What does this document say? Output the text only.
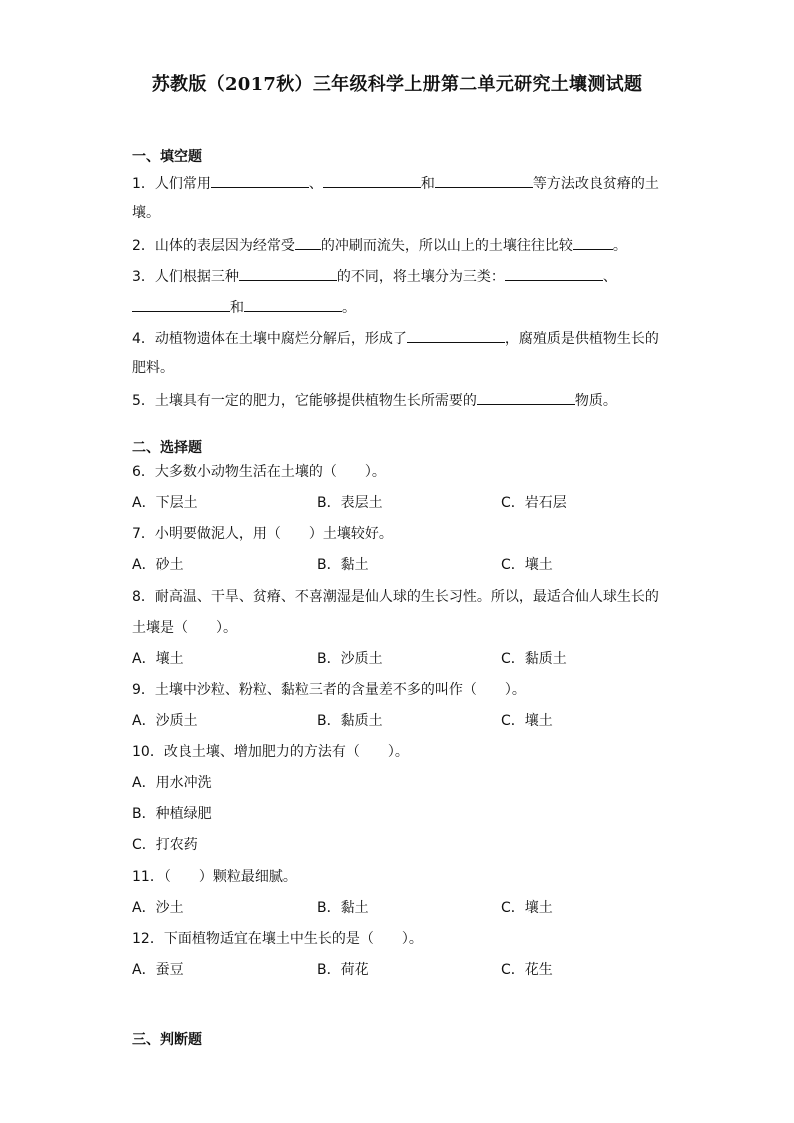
苏教版（2017秋）三年级科学上册第二单元研究土壤测试题
一、填空题
1．人们常用	、	和	等方法改良贫瘠的土
壤。
2．山体的表层因为经常受 的冲刷而流失，所以山上的土壤往往比较	。
3．人们根据三种	的不同，将土壤分为三类：	、
和	。
4．动植物遗体在土壤中腐烂分解后，形成了	，腐殖质是供植物生长的
肥料。
5．土壤具有一定的肥力，它能够提供植物生长所需要的	物质。
二、选择题
6．大多数小动物生活在土壤的（　　）。
A．下层土	B．表层土	C．岩石层
7．小明要做泥人，用（　　）土壤较好。
A．砂土	B．黏土	C．壤土
8．耐高温、干旱、贫瘠、不喜潮湿是仙人球的生长习性。所以，最适合仙人球生长的
土壤是（　　）。
A．壤土	B．沙质土	C．黏质土
9．土壤中沙粒、粉粒、黏粒三者的含量差不多的叫作（　　）。
A．沙质土	B．黏质土	C．壤土
10．改良土壤、增加肥力的方法有（　　）。
A．用水冲洗
B．种植绿肥
C．打农药
11．（　　）颗粒最细腻。
A．沙土	B．黏土	C．壤土
12．下面植物适宜在壤土中生长的是（　　）。
A．蚕豆	B．荷花	C．花生
三、判断题
